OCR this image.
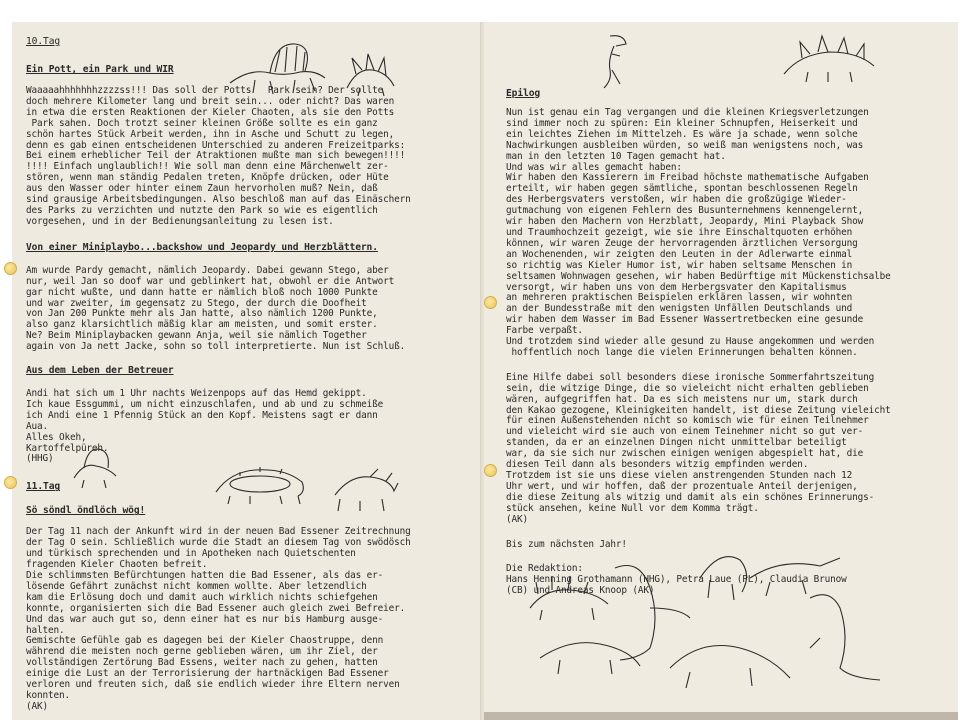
10.Tag
Ein Pott, ein Park und WIR

Waaaaahhhhhhhzzzzss!!! Das soll der Potts   Park sein? Der sollte
doch mehrere Kilometer lang und breit sein... oder nicht? Das waren
in etwa die ersten Reaktionen der Kieler Chaoten, als sie den Potts
Park sahen. Doch trotzt seiner kleinen Größe sollte es ein ganz
schön hartes Stück Arbeit werden, ihn in Asche und Schutt zu legen,
denn es gab einen entscheidenen Unterschied zu anderen Freizeitparks:
Bei einem erheblicher Teil der Atraktionen mußte man sich bewegen!!!!
!!!! Einfach unglaublich!! Wie soll man denn eine Märchenwelt zer-
stören, wenn man ständig Pedalen treten, Knöpfe drücken, oder Hüte
aus den Wasser oder hinter einem Zaun hervorholen muß? Nein, daß
sind grausige Arbeitsbedingungen. Also beschloß man auf das Einäschern
des Parks zu verzichten und nutzte den Park so wie es eigentlich
vorgesehen, und in der Bedienungsanleitung zu lesen ist.

Von einer Miniplaybo...backshow und Jeopardy und Herzblättern.

Am wurde Pardy gemacht, nämlich Jeopardy. Dabei gewann Stego, aber
nur, weil Jan so doof war und geblinkert hat, obwohl er die Antwort
gar nicht wußte, und dann hatte er nämlich bloß noch 1000 Punkte
und war zweiter, im gegensatz zu Stego, der durch die Doofheit
von Jan 200 Punkte mehr als Jan hatte, also nämlich 1200 Punkte,
also ganz klarsichtlich mäßig klar am meisten, und somit erster.
Ne? Beim Miniplaybacken gewann Anja, weil sie nämlich Together
again von Ja nett Jacke, sohn so toll interpretierte. Nun ist Schluß.

Aus dem Leben der Betreuer

Andi hat sich um 1 Uhr nachts Weizenpops auf das Hemd gekippt.
Ich kaue Essgummi, um nicht einzuschlafen, und ab und zu schmeiße
ich Andi eine 1 Pfennig Stück an den Kopf. Meistens sagt er dann
Aua.
Alles Okeh,
Kartoffelpüreh.
(HHG)

11.Tag
Sö söndl öndlöch wög!

Der Tag 11 nach der Ankunft wird in der neuen Bad Essener Zeitrechnung
der Tag O sein. Schließlich wurde die Stadt an diesem Tag von swödösch
und türkisch sprechenden und in Apotheken nach Quietschenten
fragenden Kieler Chaoten befreit.
Die schlimmsten Befürchtungen hatten die Bad Essener, als das er-
lösende Gefährt zunächst nicht kommen wollte. Aber letzendlich
kam die Erlösung doch und damit auch wirklich nichts schiefgehen
konnte, organisierten sich die Bad Essener auch gleich zwei Befreier.
Und das war auch gut so, denn einer hat es nur bis Hamburg ausge-
halten.
Gemischte Gefühle gab es dagegen bei der Kieler Chaostruppe, denn
während die meisten noch gerne geblieben wären, um ihr Ziel, der
vollständigen Zertörung Bad Essens, weiter nach zu gehen, hatten
einige die Lust an der Terrorisierung der hartnäckigen Bad Essener
verloren und freuten sich, daß sie endlich wieder ihre Eltern nerven
konnten.
(AK)

Epilog

Nun ist genau ein Tag vergangen und die kleinen Kriegsverletzungen
sind immer noch zu spüren: Ein kleiner Schnupfen, Heiserkeit und
ein leichtes Ziehen im Mittelzeh. Es wäre ja schade, wenn solche
Nachwirkungen ausbleiben würden, so weiß man wenigstens noch, was
man in den letzten 10 Tagen gemacht hat.
Und was wir alles gemacht haben:
Wir haben den Kassierern im Freibad höchste mathematische Aufgaben
erteilt, wir haben gegen sämtliche, spontan beschlossenen Regeln
des Herbergsvaters verstoßen, wir haben die großzügige Wieder-
gutmachung von eigenen Fehlern des Busunternehmens kennengelernt,
wir haben den Machern von Herzblatt, Jeopardy, Mini Playback Show
und Traumhochzeit gezeigt, wie sie ihre Einschaltquoten erhöhen
können, wir waren Zeuge der hervorragenden ärztlichen Versorgung
an Wochenenden, wir zeigten den Leuten in der Adlerwarte einmal
so richtig was Kieler Humor ist, wir haben seltsame Menschen in
seltsamen Wohnwagen gesehen, wir haben Bedürftige mit Mückenstichsalbe
versorgt, wir haben uns von dem Herbergsvater den Kapitalismus
an mehreren praktischen Beispielen erklären lassen, wir wohnten
an der Bundesstraße mit den wenigsten Unfällen Deutschlands und
wir haben dem Wasser im Bad Essener Wassertretbecken eine gesunde
Farbe verpaßt.
Und trotzdem sind wieder alle gesund zu Hause angekommen und werden
hoffentlich noch lange die vielen Erinnerungen behalten können.

Eine Hilfe dabei soll besonders diese ironische Sommerfahrtszeitung
sein, die witzige Dinge, die so vieleicht nicht erhalten geblieben
wären, aufgegriffen hat. Da es sich meistens nur um, stark durch
den Kakao gezogene, Kleinigkeiten handelt, ist diese Zeitung vieleicht
für einen Außenstehenden nicht so komisch wie für einen Teilnehmer
und vieleicht wird sie auch von einem Teinehmer nicht so gut ver-
standen, da er an einzelnen Dingen nicht unmittelbar beteiligt
war, da sie sich nur zwischen einigen wenigen abgespielt hat, die
diesen Teil dann als besonders witzig empfinden werden.
Trotzdem ist sie uns diese vielen anstrengenden Stunden nach 12
Uhr wert, und wir hoffen, daß der prozentuale Anteil derjenigen,
die diese Zeitung als witzig und damit als ein schönes Erinnerungs-
stück ansehen, keine Null vor dem Komma trägt.
(AK)

Bis zum nächsten Jahr!

Die Redaktion:

Hans Henning Grothamann (HHG), Petra Laue (PL), Claudia Brunow
(CB) und Andreas Knoop (AK)
